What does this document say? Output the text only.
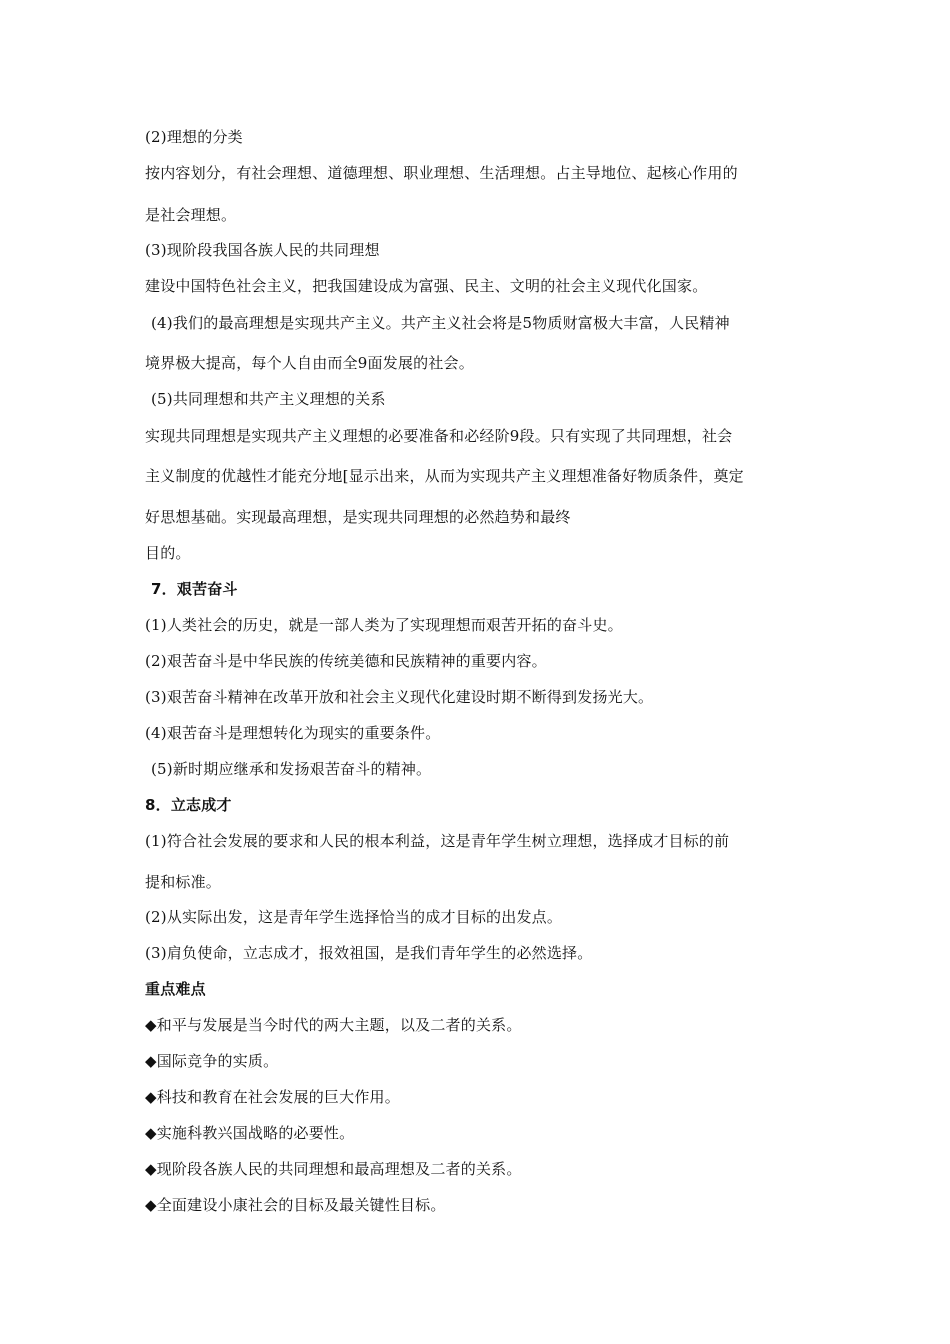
(2)理想的分类
按内容划分，有社会理想、道德理想、职业理想、生活理想。占主导地位、起核心作用的
是社会理想。
(3)现阶段我国各族人民的共同理想
建设中国特色社会主义，把我国建设成为富强、民主、文明的社会主义现代化国家。
(4)我们的最高理想是实现共产主义。共产主义社会将是5物质财富极大丰富，人民精神
境界极大提高，每个人自由而全9面发展的社会。
(5)共同理想和共产主义理想的关系
实现共同理想是实现共产主义理想的必要准备和必经阶9段。只有实现了共同理想，社会
主义制度的优越性才能充分地[显示出来，从而为实现共产主义理想准备好物质条件，奠定
好思想基础。实现最高理想，是实现共同理想的必然趋势和最终
目的。
7．艰苦奋斗
(1)人类社会的历史，就是一部人类为了实现理想而艰苦开拓的奋斗史。
(2)艰苦奋斗是中华民族的传统美德和民族精神的重要内容。
(3)艰苦奋斗精神在改革开放和社会主义现代化建设时期不断得到发扬光大。
(4)艰苦奋斗是理想转化为现实的重要条件。
(5)新时期应继承和发扬艰苦奋斗的精神。
8．立志成才
(1)符合社会发展的要求和人民的根本利益，这是青年学生树立理想，选择成才目标的前
提和标准。
(2)从实际出发，这是青年学生选择恰当的成才目标的出发点。
(3)肩负使命，立志成才，报效祖国，是我们青年学生的必然选择。
重点难点
◆和平与发展是当今时代的两大主题，以及二者的关系。
◆国际竞争的实质。
◆科技和教育在社会发展的巨大作用。
◆实施科教兴国战略的必要性。
◆现阶段各族人民的共同理想和最高理想及二者的关系。
◆全面建设小康社会的目标及最关键性目标。
